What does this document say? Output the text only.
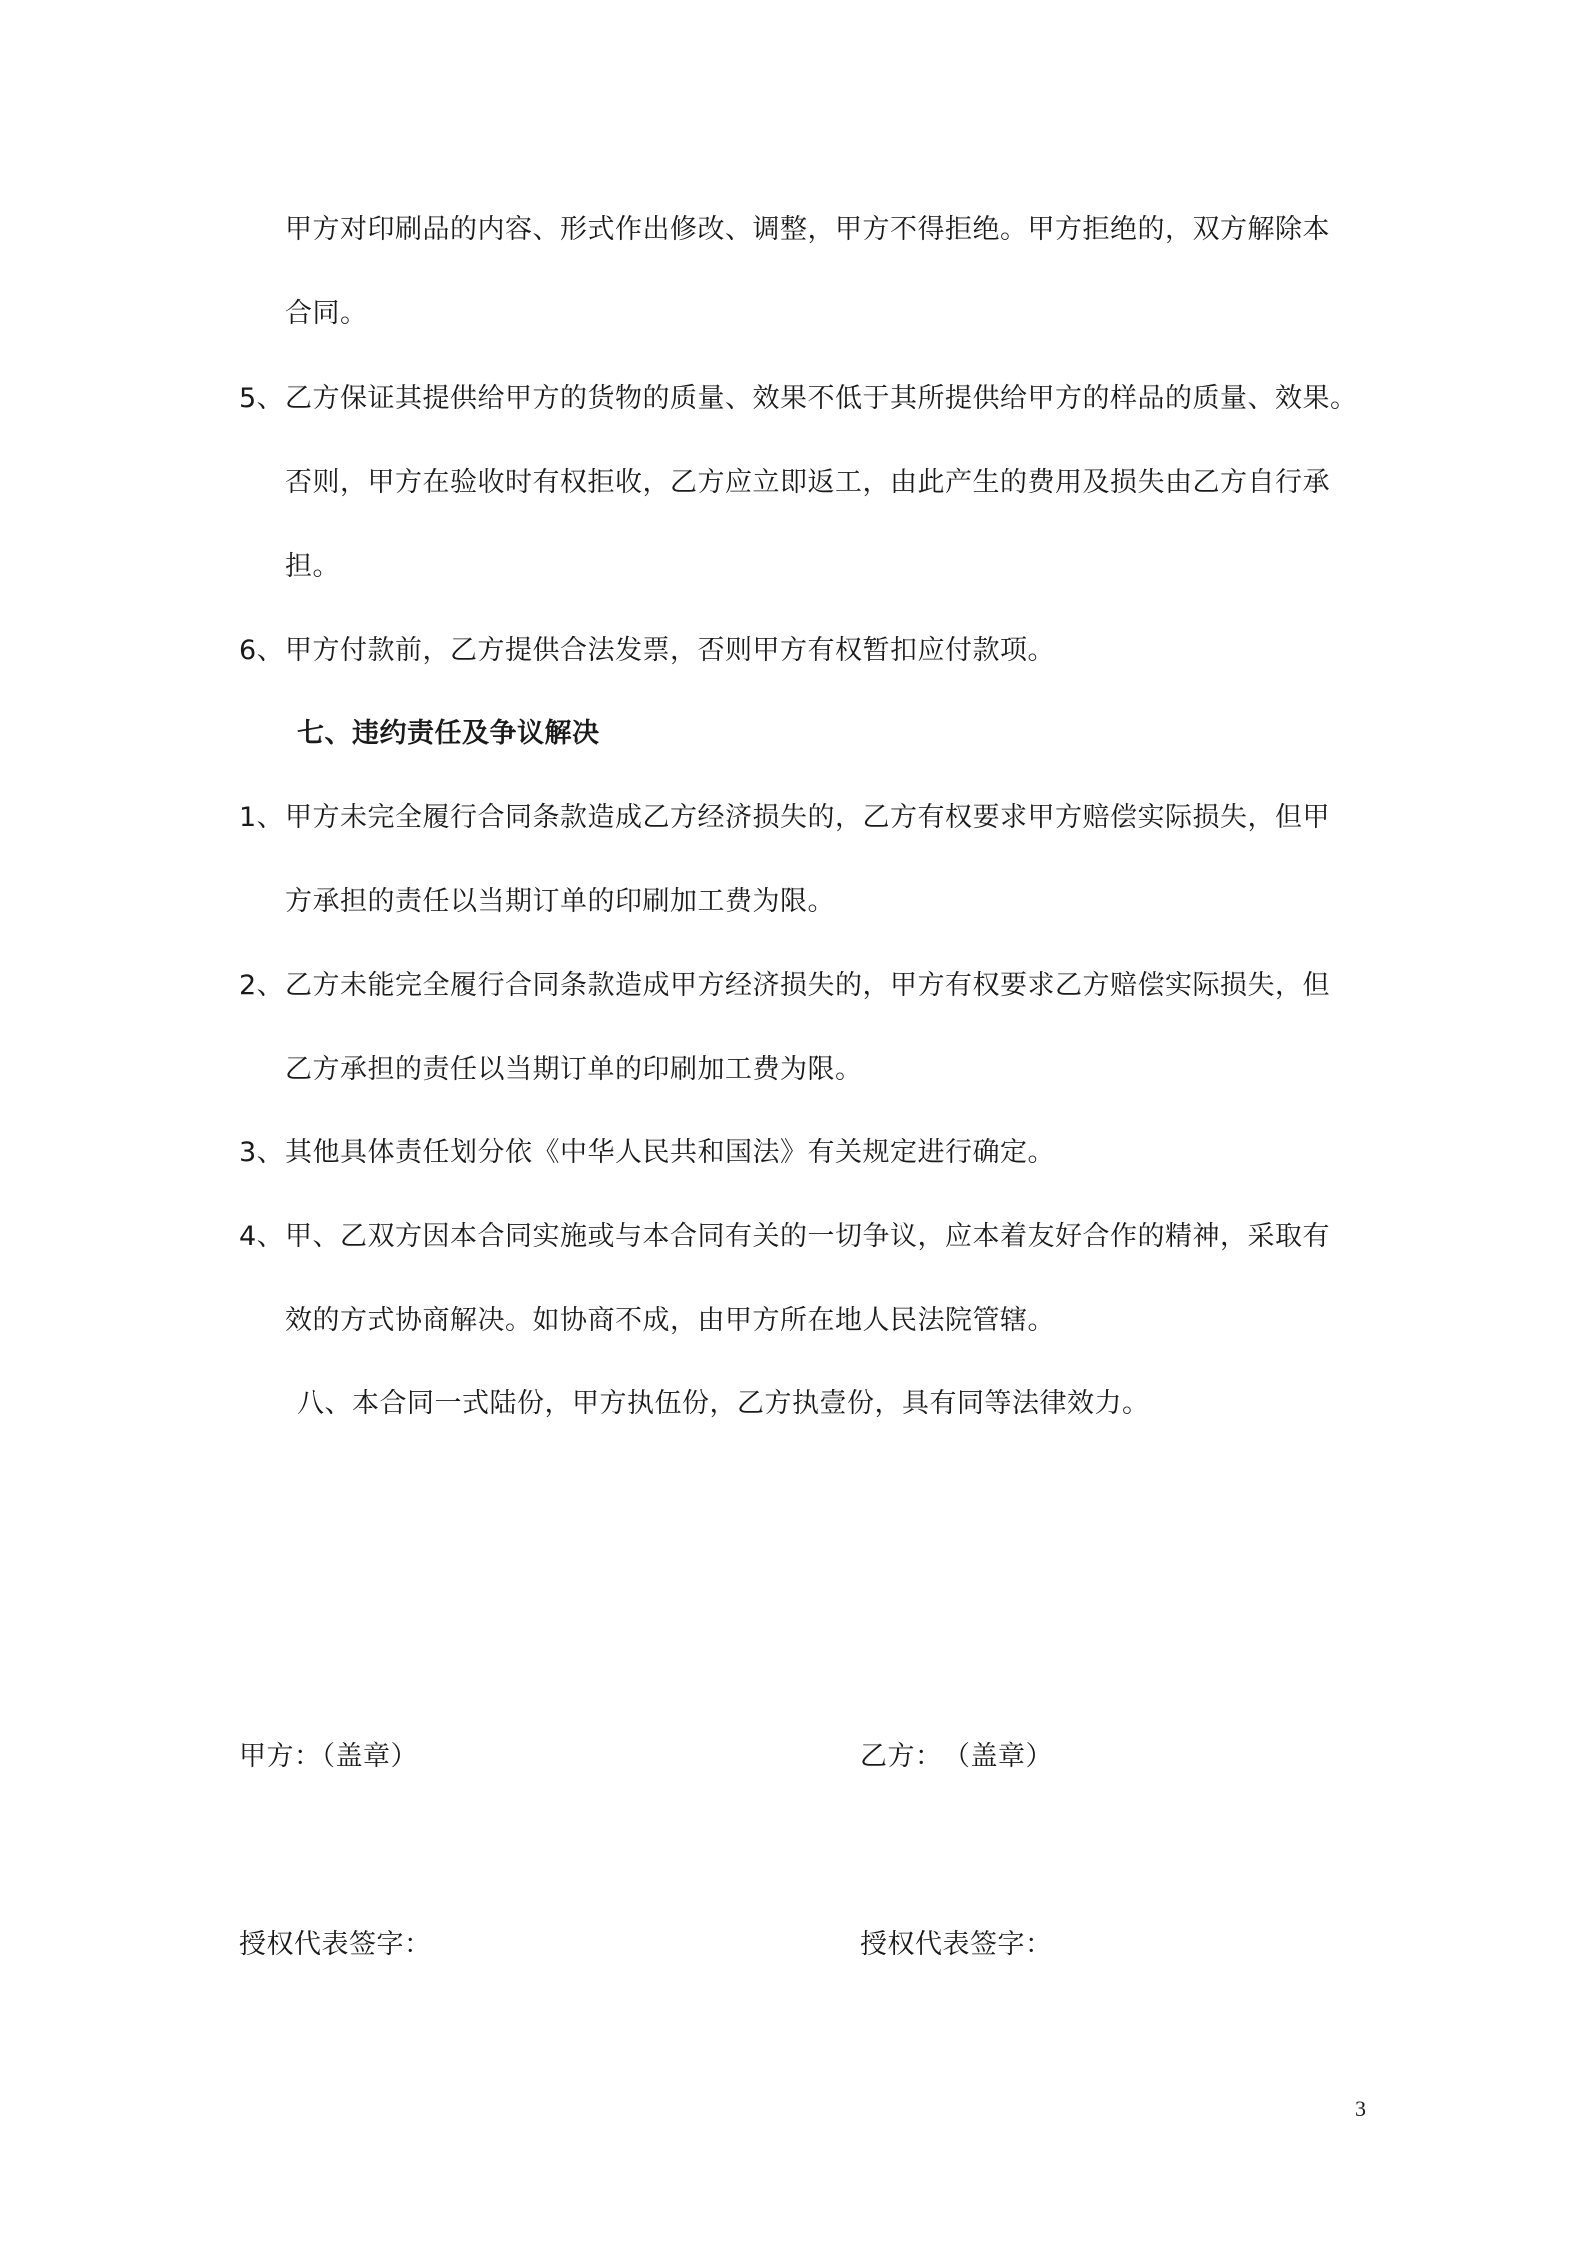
甲方对印刷品的内容、形式作出修改、调整，甲方不得拒绝。甲方拒绝的，双方解除本
合同。
5、乙方保证其提供给甲方的货物的质量、效果不低于其所提供给甲方的样品的质量、效果。
否则，甲方在验收时有权拒收，乙方应立即返工，由此产生的费用及损失由乙方自行承
担。
6、甲方付款前，乙方提供合法发票，否则甲方有权暂扣应付款项。
七、违约责任及争议解决
1、甲方未完全履行合同条款造成乙方经济损失的，乙方有权要求甲方赔偿实际损失，但甲
方承担的责任以当期订单的印刷加工费为限。
2、乙方未能完全履行合同条款造成甲方经济损失的，甲方有权要求乙方赔偿实际损失，但
乙方承担的责任以当期订单的印刷加工费为限。
3、其他具体责任划分依《中华人民共和国法》有关规定进行确定。
4、甲、乙双方因本合同实施或与本合同有关的一切争议，应本着友好合作的精神，采取有
效的方式协商解决。如协商不成，由甲方所在地人民法院管辖。
八、本合同一式陆份，甲方执伍份，乙方执壹份，具有同等法律效力。
甲方：（盖章）	乙方：　（盖章）
授权代表签字：	授权代表签字：
3
